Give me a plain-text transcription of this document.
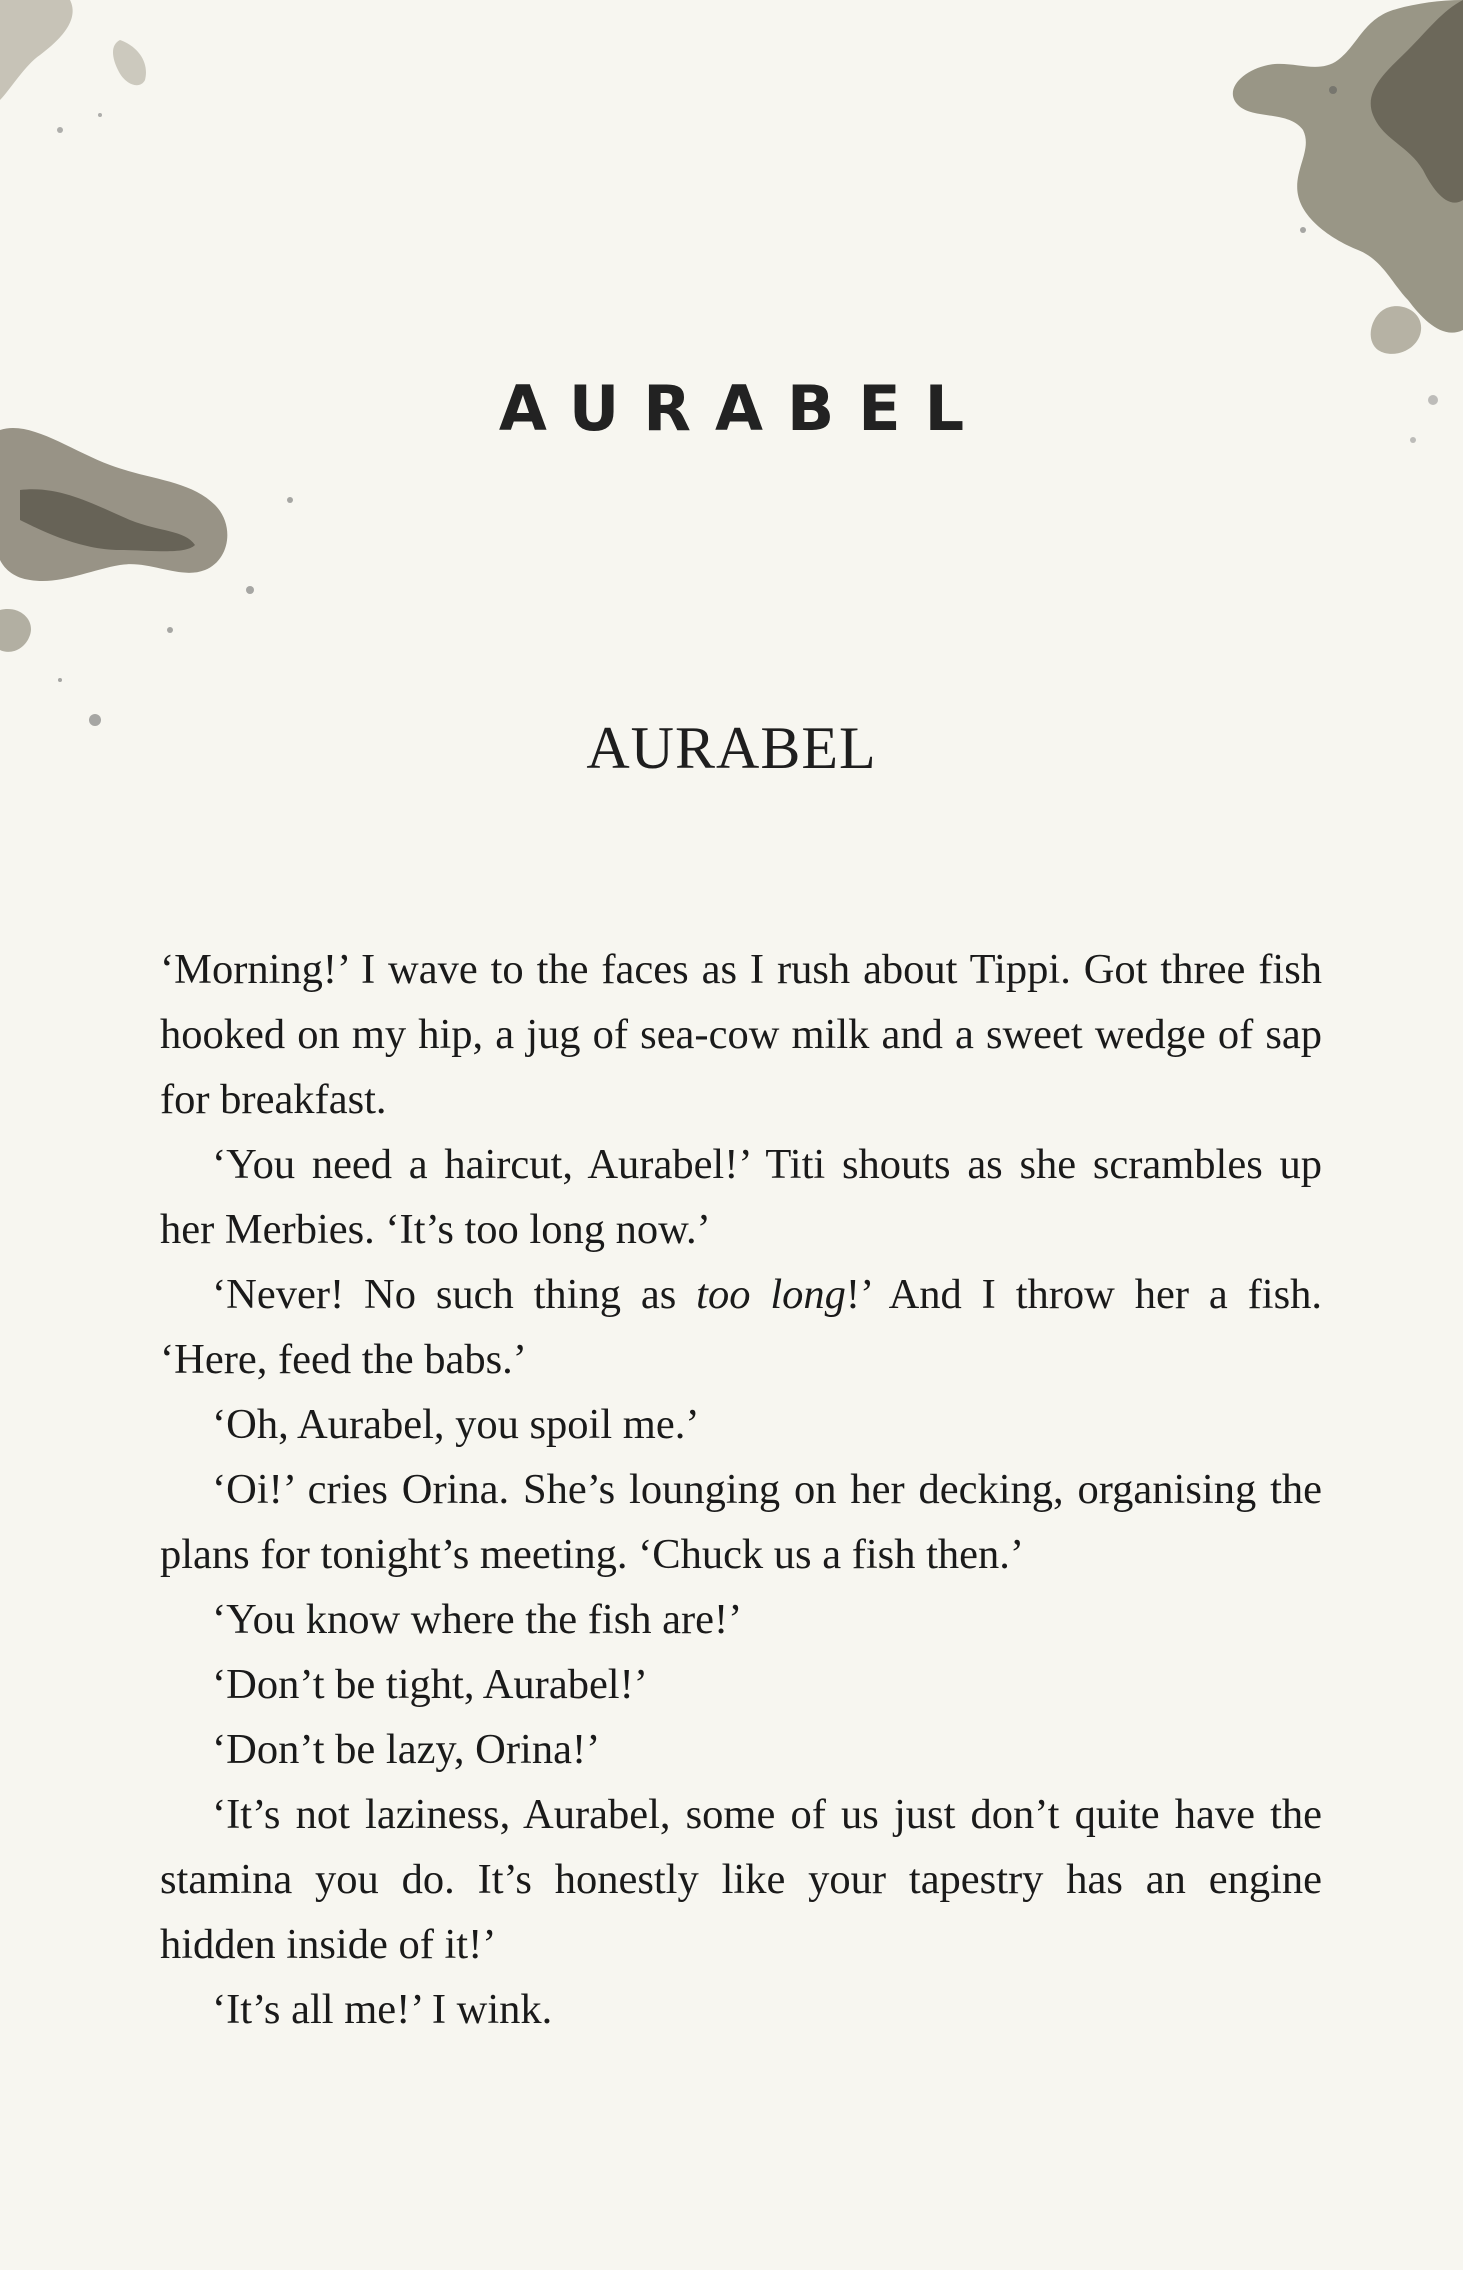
AURABEL
AURABEL

‘Morning!’ I wave to the faces as I rush about Tippi. Got three fish hooked on my hip, a jug of sea-cow milk and a sweet wedge of sap for breakfast.

‘You need a haircut, Aurabel!’ Titi shouts as she scrambles up her Merbies. ‘It’s too long now.’

‘Never! No such thing as too long!’ And I throw her a fish. ‘Here, feed the babs.’

‘Oh, Aurabel, you spoil me.’

‘Oi!’ cries Orina. She’s lounging on her decking, organising the plans for tonight’s meeting. ‘Chuck us a fish then.’

‘You know where the fish are!’

‘Don’t be tight, Aurabel!’

‘Don’t be lazy, Orina!’

‘It’s not laziness, Aurabel, some of us just don’t quite have the stamina you do. It’s honestly like your tapestry has an engine hidden inside of it!’

‘It’s all me!’ I wink.
